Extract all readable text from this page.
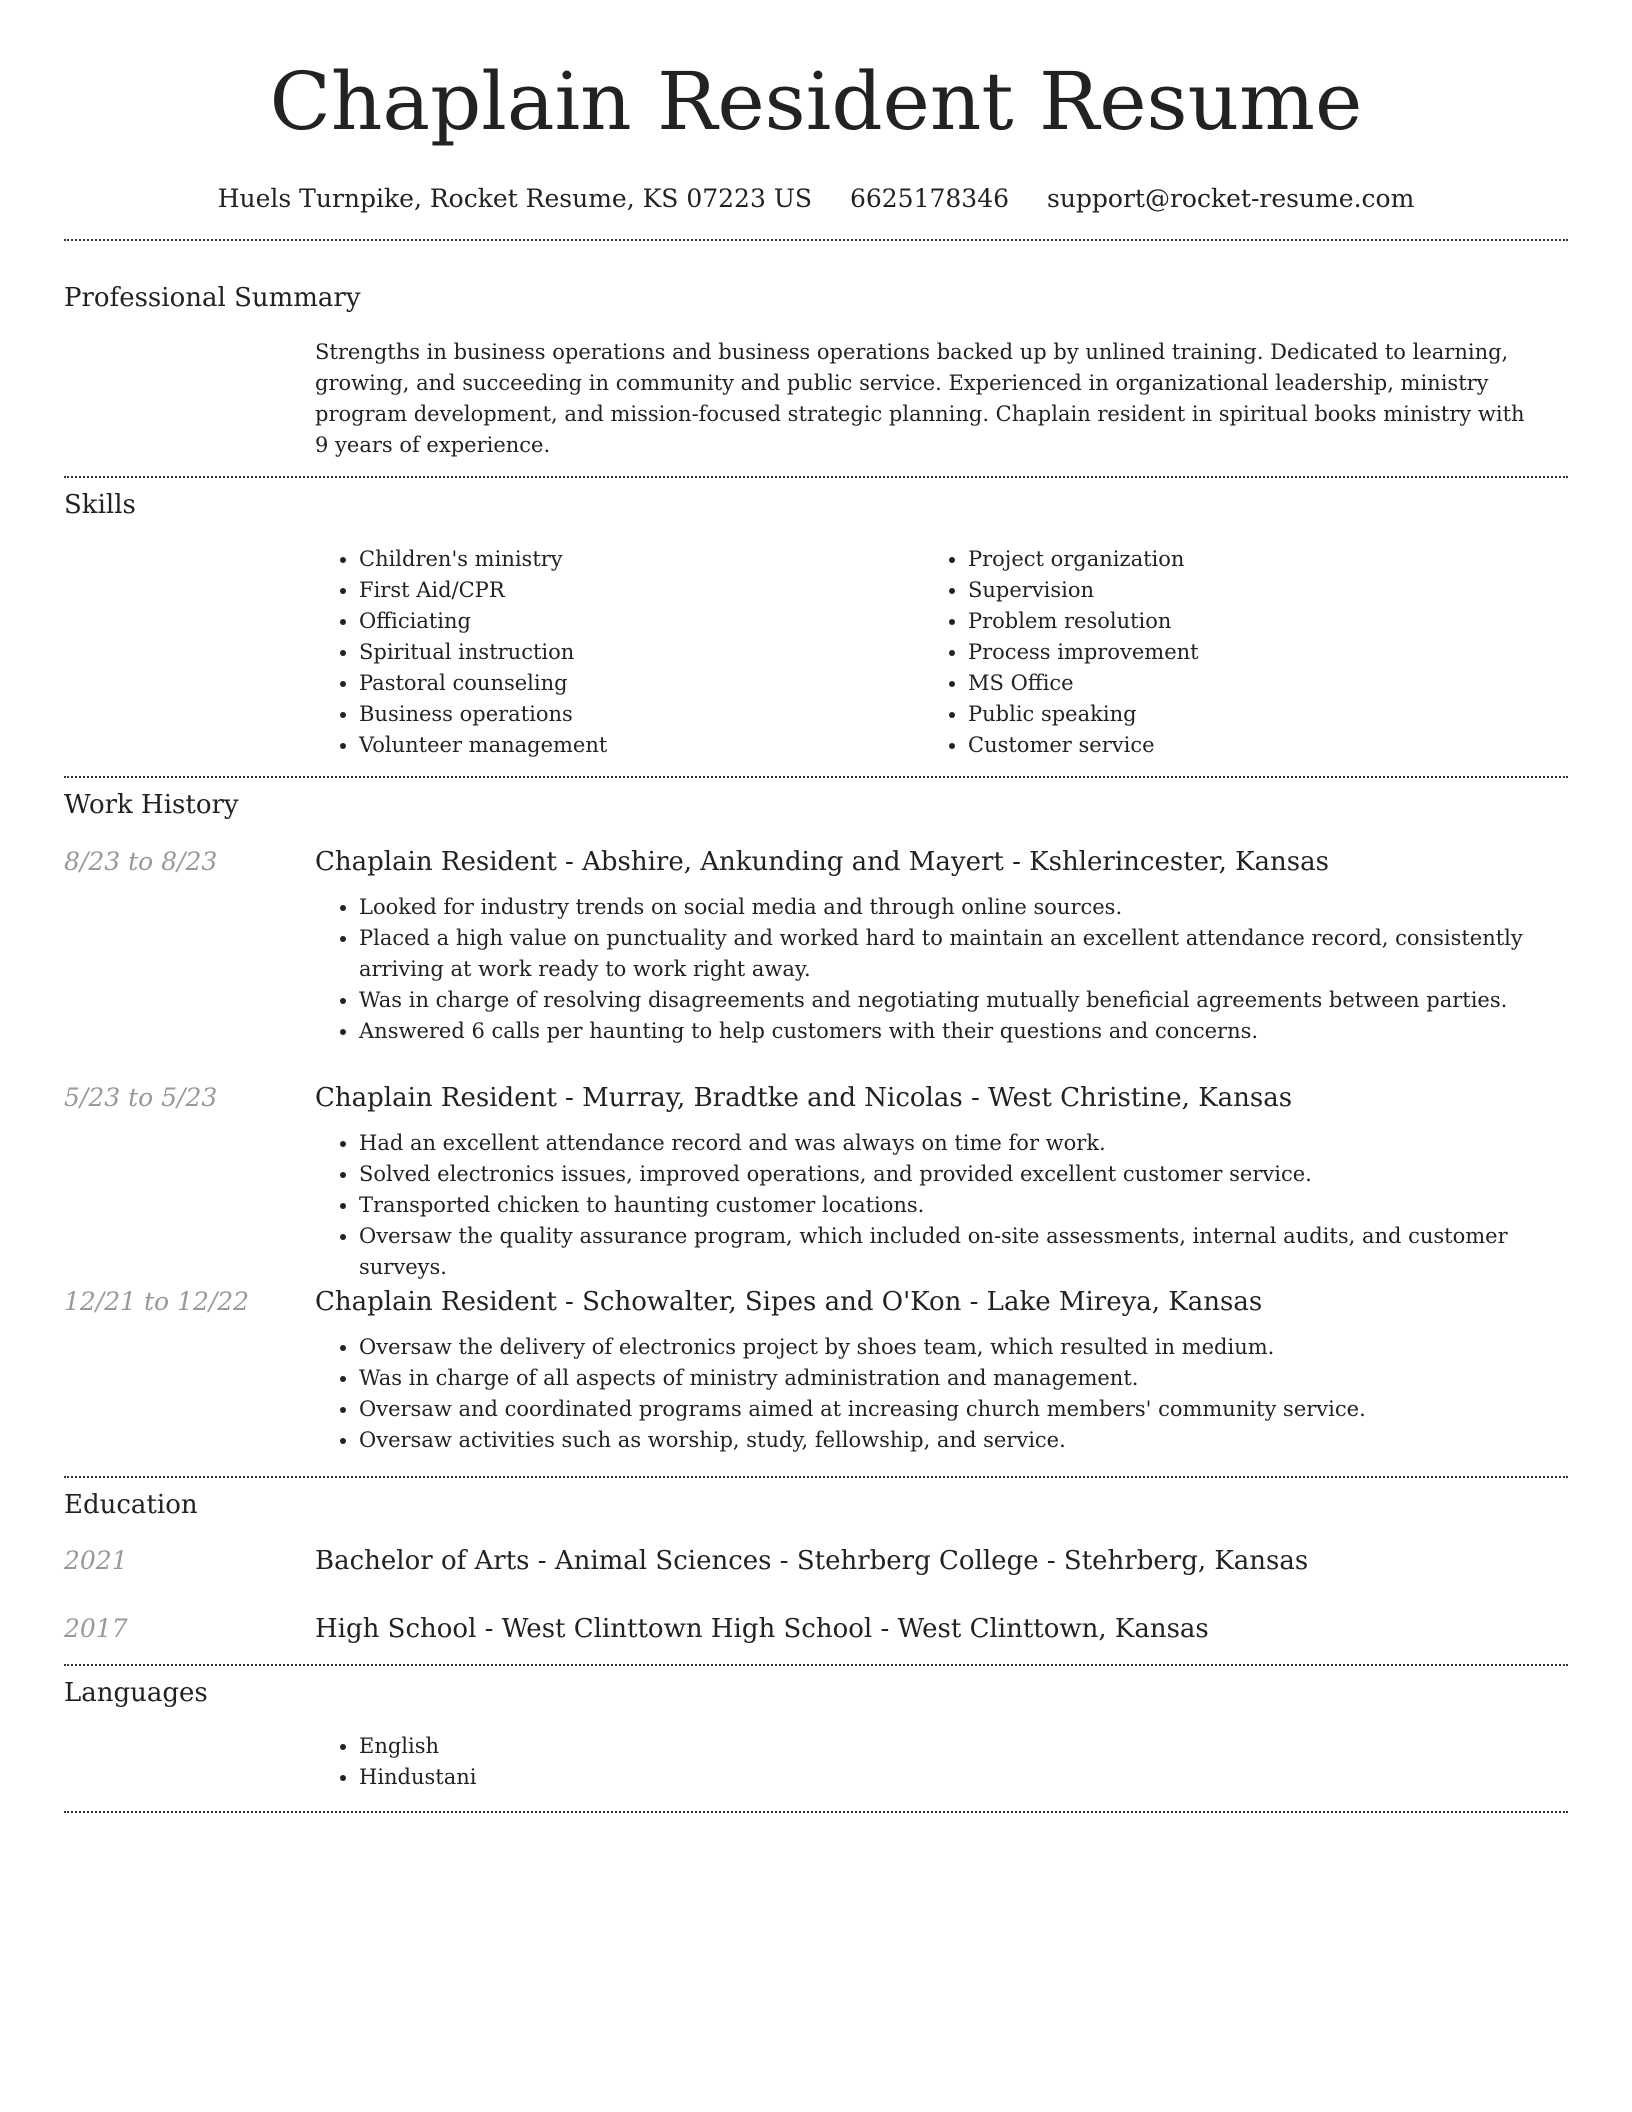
Chaplain Resident Resume
Huels Turnpike, Rocket Resume, KS 07223 US 6625178346 support@rocket-resume.com
Professional Summary

Strengths in business operations and business operations backed up by unlined training. Dedicated to learning, growing, and succeeding in community and public service. Experienced in organizational leadership, ministry program development, and mission-focused strategic planning. Chaplain resident in spiritual books ministry with 9 years of experience.

Skills
• Children's ministry
• First Aid/CPR
• Officiating
• Spiritual instruction
• Pastoral counseling
• Business operations
• Volunteer management
• Project organization
• Supervision
• Problem resolution
• Process improvement
• MS Office
• Public speaking
• Customer service
Work History
8/23 to 8/23	Chaplain Resident - Abshire, Ankunding and Mayert - Kshlerincester, Kansas

• Looked for industry trends on social media and through online sources.
• Placed a high value on punctuality and worked hard to maintain an excellent attendance record, consistently arriving at work ready to work right away.
• Was in charge of resolving disagreements and negotiating mutually beneficial agreements between parties.
• Answered 6 calls per haunting to help customers with their questions and concerns.
5/23 to 5/23	Chaplain Resident - Murray, Bradtke and Nicolas - West Christine, Kansas

• Had an excellent attendance record and was always on time for work.
• Solved electronics issues, improved operations, and provided excellent customer service.
• Transported chicken to haunting customer locations.
• Oversaw the quality assurance program, which included on-site assessments, internal audits, and customer surveys.
12/21 to 12/22	Chaplain Resident - Schowalter, Sipes and O'Kon - Lake Mireya, Kansas

• Oversaw the delivery of electronics project by shoes team, which resulted in medium.
• Was in charge of all aspects of ministry administration and management.
• Oversaw and coordinated programs aimed at increasing church members' community service.
• Oversaw activities such as worship, study, fellowship, and service.
Education
2021	Bachelor of Arts - Animal Sciences - Stehrberg College - Stehrberg, Kansas

2017	High School - West Clinttown High School - West Clinttown, Kansas

Languages
• English
• Hindustani
